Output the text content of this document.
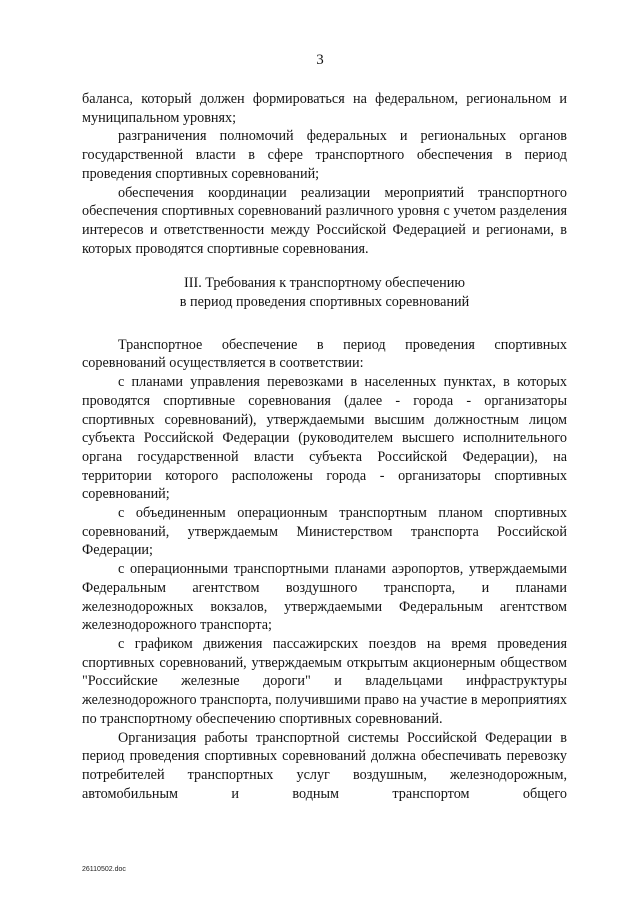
3

баланса, который должен формироваться на федеральном, региональном и муниципальном уровнях;

разграничения полномочий федеральных и региональных органов государственной власти в сфере транспортного обеспечения в период проведения спортивных соревнований;

обеспечения координации реализации мероприятий транспортного обеспечения спортивных соревнований различного уровня с учетом разделения интересов и ответственности между Российской Федерацией и регионами, в которых проводятся спортивные соревнования.

III. Требования к транспортному обеспечению
в период проведения спортивных соревнований

Транспортное обеспечение в период проведения спортивных соревнований осуществляется в соответствии:

с планами управления перевозками в населенных пунктах, в которых проводятся спортивные соревнования (далее - города - организаторы спортивных соревнований), утверждаемыми высшим должностным лицом субъекта Российской Федерации (руководителем высшего исполнительного органа государственной власти субъекта Российской Федерации), на территории которого расположены города - организаторы спортивных соревнований;

с объединенным операционным транспортным планом спортивных соревнований, утверждаемым Министерством транспорта Российской Федерации;

с операционными транспортными планами аэропортов, утверждаемыми Федеральным агентством воздушного транспорта, и планами железнодорожных вокзалов, утверждаемыми Федеральным агентством железнодорожного транспорта;

с графиком движения пассажирских поездов на время проведения спортивных соревнований, утверждаемым открытым акционерным обществом "Российские железные дороги" и владельцами инфраструктуры железнодорожного транспорта, получившими право на участие в мероприятиях по транспортному обеспечению спортивных соревнований.

Организация работы транспортной системы Российской Федерации в период проведения спортивных соревнований должна обеспечивать перевозку потребителей транспортных услуг воздушным, железнодорожным, автомобильным и водным транспортом общего

26110502.doc
